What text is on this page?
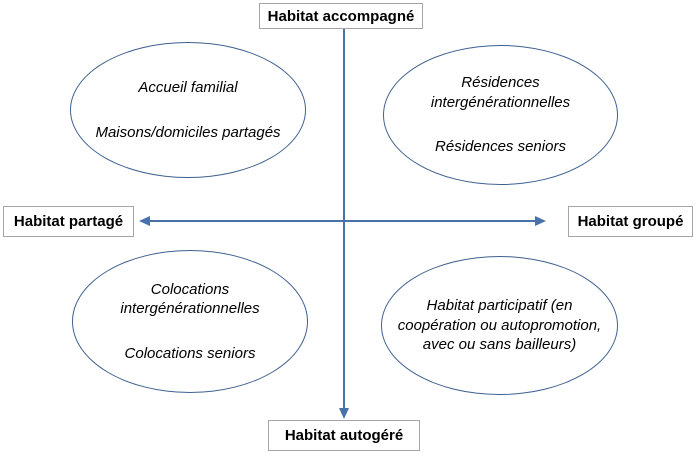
Habitat accompagné
Habitat partagé	Habitat groupé
Habitat autogéré

Accueil familial

Maisons/domiciles partagés

Résidences intergénérationnelles

Résidences seniors

Colocations intergénérationnelles

Colocations seniors

Habitat participatif (en coopération ou autopromotion, avec ou sans bailleurs)
